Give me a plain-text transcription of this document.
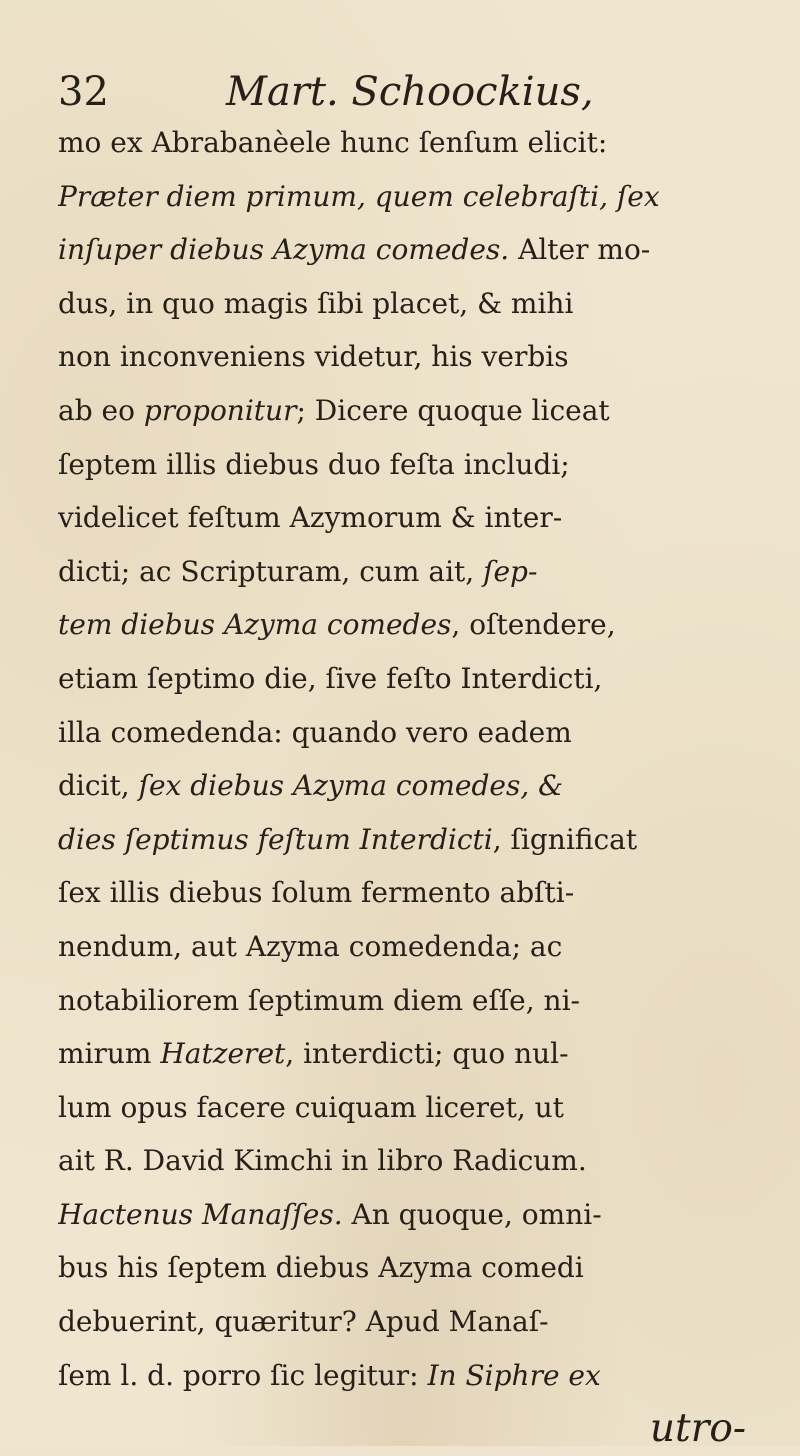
32	Mart. Schoockius,
mo ex Abrabanèele hunc ſenſum elicit:
Præter diem primum, quem celebraſti, ſex
inſuper diebus Azyma comedes. Alter mo-
dus, in quo magis ſibi placet, & mihi
non inconveniens videtur, his verbis
ab eo proponitur; Dicere quoque liceat
ſeptem illis diebus duo feſta includi;
videlicet feſtum Azymorum & inter-
dicti; ac Scripturam, cum ait, ſep-
tem diebus Azyma comedes, oſtendere,
etiam ſeptimo die, ſive feſto Interdicti,
illa comedenda: quando vero eadem
dicit, ſex diebus Azyma comedes, &
dies ſeptimus feſtum Interdicti, ſignificat
ſex illis diebus ſolum fermento abſti-
nendum, aut Azyma comedenda; ac
notabiliorem ſeptimum diem eſſe, ni-
mirum Hatzeret, interdicti; quo nul-
lum opus facere cuiquam liceret, ut
ait R. David Kimchi in libro Radicum.
Hactenus Manaſſes. An quoque, omni-
bus his ſeptem diebus Azyma comedi
debuerint, quæritur? Apud Manaſ-
ſem l. d. porro ſic legitur: In Siphre ex
utro-
